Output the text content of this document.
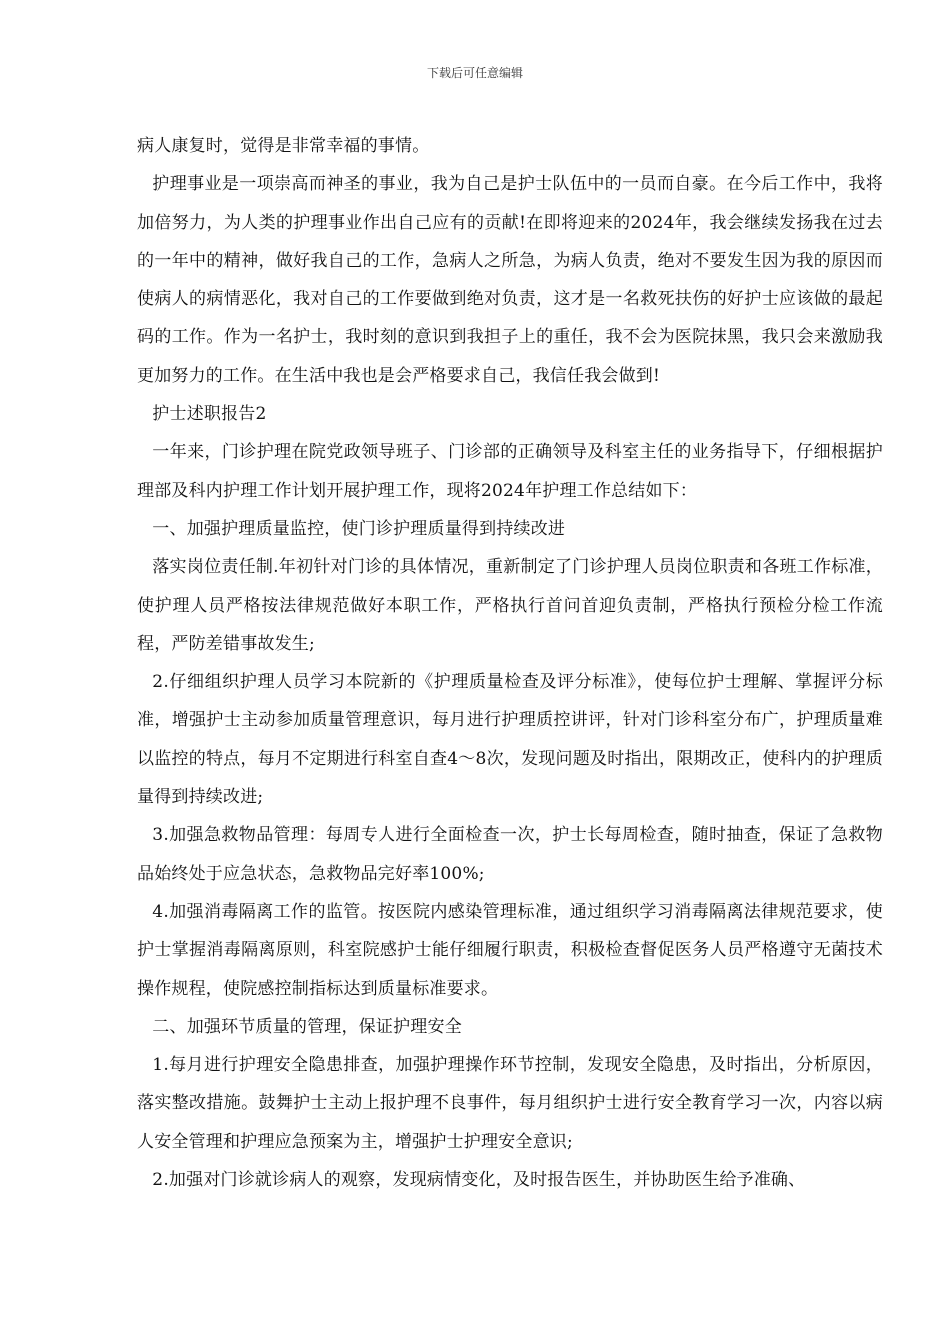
下载后可任意编辑

病人康复时，觉得是非常幸福的事情。

护理事业是一项崇高而神圣的事业，我为自己是护士队伍中的一员而自豪。在今后工作中，我将加倍努力，为人类的护理事业作出自己应有的贡献!在即将迎来的2024年，我会继续发扬我在过去的一年中的精神，做好我自己的工作，急病人之所急，为病人负责，绝对不要发生因为我的原因而使病人的病情恶化，我对自己的工作要做到绝对负责，这才是一名救死扶伤的好护士应该做的最起码的工作。作为一名护士，我时刻的意识到我担子上的重任，我不会为医院抹黑，我只会来激励我更加努力的工作。在生活中我也是会严格要求自己，我信任我会做到!

护士述职报告2

一年来，门诊护理在院党政领导班子、门诊部的正确领导及科室主任的业务指导下，仔细根据护理部及科内护理工作计划开展护理工作，现将2024年护理工作总结如下：

一、加强护理质量监控，使门诊护理质量得到持续改进

落实岗位责任制.年初针对门诊的具体情况，重新制定了门诊护理人员岗位职责和各班工作标准，使护理人员严格按法律规范做好本职工作，严格执行首问首迎负责制，严格执行预检分检工作流程，严防差错事故发生;

2.仔细组织护理人员学习本院新的《护理质量检查及评分标准》，使每位护士理解、掌握评分标准，增强护士主动参加质量管理意识，每月进行护理质控讲评，针对门诊科室分布广，护理质量难以监控的特点，每月不定期进行科室自查4～8次，发现问题及时指出，限期改正，使科内的护理质量得到持续改进;

3.加强急救物品管理：每周专人进行全面检查一次，护士长每周检查，随时抽查，保证了急救物品始终处于应急状态，急救物品完好率100%;

4.加强消毒隔离工作的监管。按医院内感染管理标准，通过组织学习消毒隔离法律规范要求，使护士掌握消毒隔离原则，科室院感护士能仔细履行职责，积极检查督促医务人员严格遵守无菌技术操作规程，使院感控制指标达到质量标准要求。

二、加强环节质量的管理，保证护理安全

1.每月进行护理安全隐患排查，加强护理操作环节控制，发现安全隐患，及时指出，分析原因，落实整改措施。鼓舞护士主动上报护理不良事件，每月组织护士进行安全教育学习一次，内容以病人安全管理和护理应急预案为主，增强护士护理安全意识;

2.加强对门诊就诊病人的观察，发现病情变化，及时报告医生，并协助医生给予准确、
